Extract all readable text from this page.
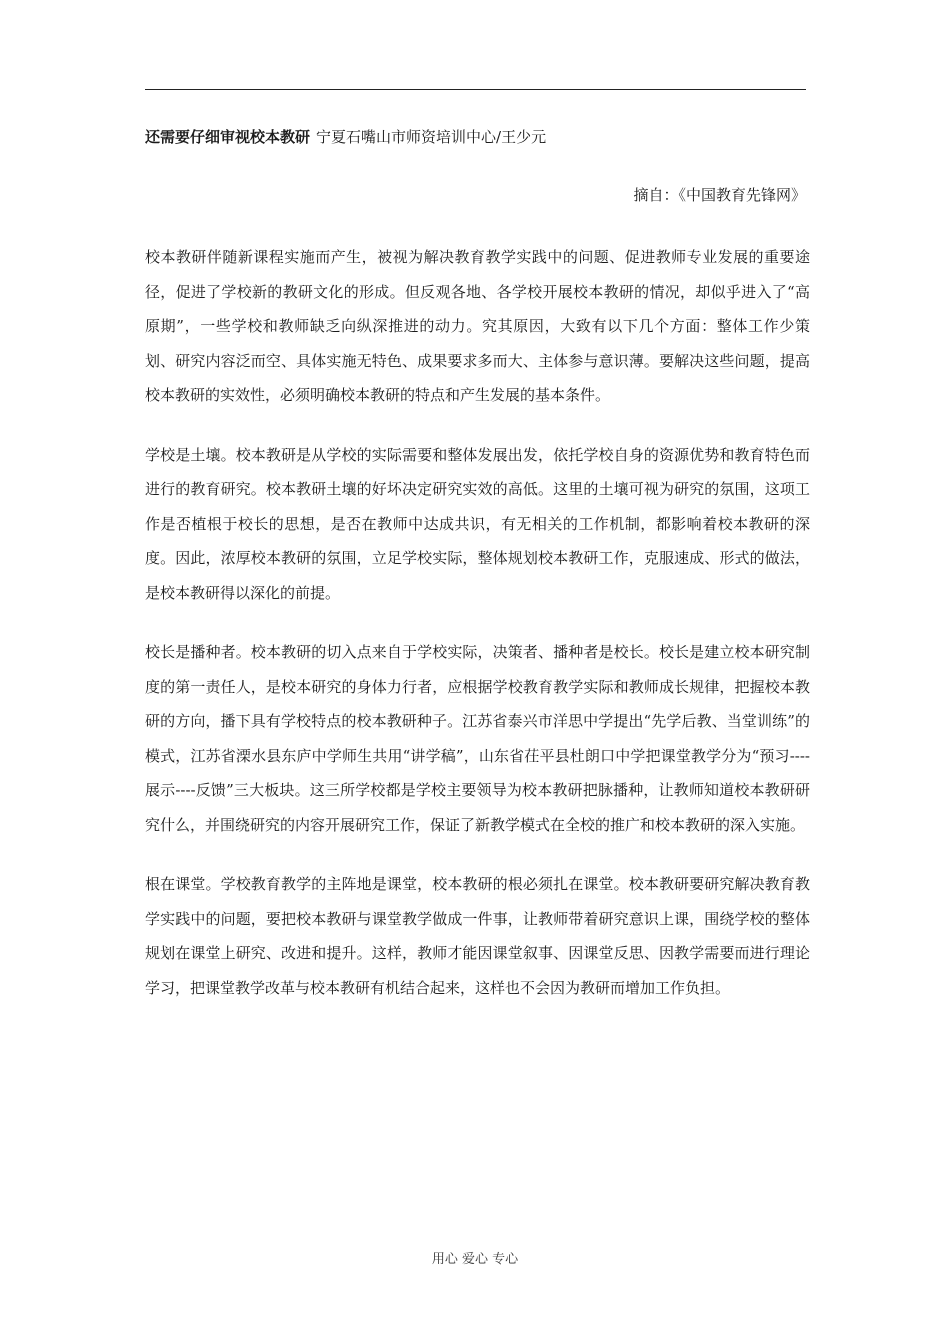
还需要仔细审视校本教研 宁夏石嘴山市师资培训中心/王少元
摘自：《中国教育先锋网》

校本教研伴随新课程实施而产生，被视为解决教育教学实践中的问题、促进教师专业发展的重要途径，促进了学校新的教研文化的形成。但反观各地、各学校开展校本教研的情况，却似乎进入了“高原期”，一些学校和教师缺乏向纵深推进的动力。究其原因，大致有以下几个方面：整体工作少策划、研究内容泛而空、具体实施无特色、成果要求多而大、主体参与意识薄。要解决这些问题，提高校本教研的实效性，必须明确校本教研的特点和产生发展的基本条件。

学校是土壤。校本教研是从学校的实际需要和整体发展出发，依托学校自身的资源优势和教育特色而进行的教育研究。校本教研土壤的好坏决定研究实效的高低。这里的土壤可视为研究的氛围，这项工作是否植根于校长的思想，是否在教师中达成共识，有无相关的工作机制，都影响着校本教研的深度。因此，浓厚校本教研的氛围，立足学校实际，整体规划校本教研工作，克服速成、形式的做法，是校本教研得以深化的前提。

校长是播种者。校本教研的切入点来自于学校实际，决策者、播种者是校长。校长是建立校本研究制度的第一责任人，是校本研究的身体力行者，应根据学校教育教学实际和教师成长规律，把握校本教研的方向，播下具有学校特点的校本教研种子。江苏省泰兴市洋思中学提出“先学后教、当堂训练”的模式，江苏省溧水县东庐中学师生共用“讲学稿”，山东省茌平县杜朗口中学把课堂教学分为“预习----展示----反馈”三大板块。这三所学校都是学校主要领导为校本教研把脉播种，让教师知道校本教研研究什么，并围绕研究的内容开展研究工作，保证了新教学模式在全校的推广和校本教研的深入实施。

根在课堂。学校教育教学的主阵地是课堂，校本教研的根必须扎在课堂。校本教研要研究解决教育教学实践中的问题，要把校本教研与课堂教学做成一件事，让教师带着研究意识上课，围绕学校的整体规划在课堂上研究、改进和提升。这样，教师才能因课堂叙事、因课堂反思、因教学需要而进行理论学习，把课堂教学改革与校本教研有机结合起来，这样也不会因为教研而增加工作负担。

用心 爱心 专心
